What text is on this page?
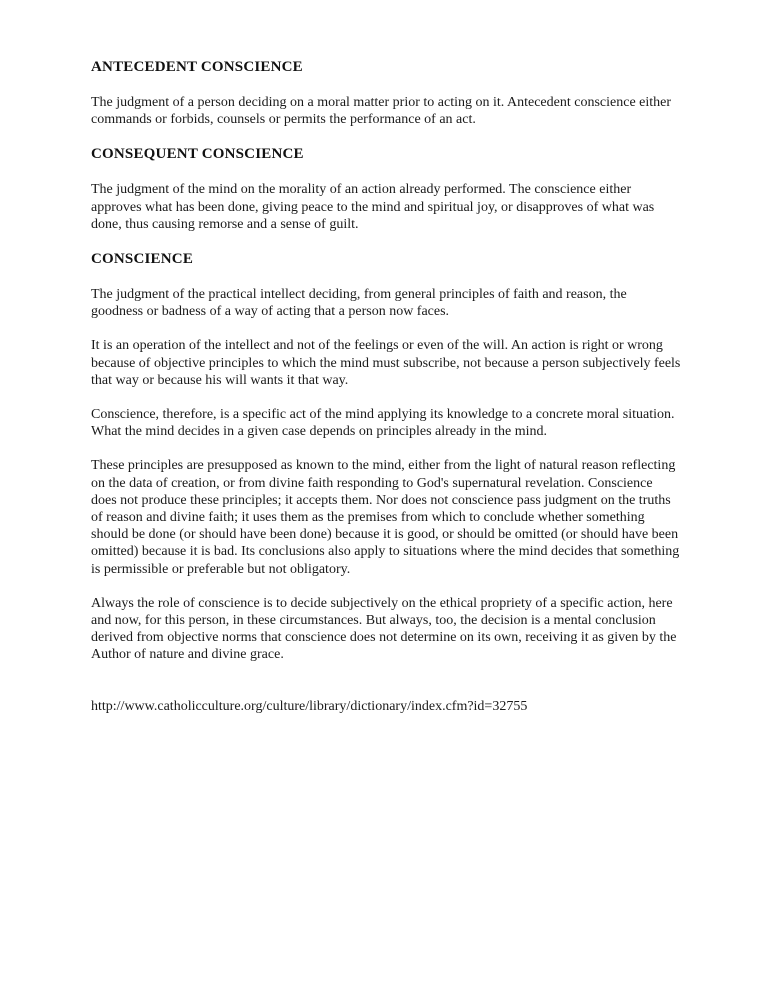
ANTECEDENT CONSCIENCE

The judgment of a person deciding on a moral matter prior to acting on it. Antecedent conscience either commands or forbids, counsels or permits the performance of an act.

CONSEQUENT CONSCIENCE

The judgment of the mind on the morality of an action already performed. The conscience either approves what has been done, giving peace to the mind and spiritual joy, or disapproves of what was done, thus causing remorse and a sense of guilt.

CONSCIENCE

The judgment of the practical intellect deciding, from general principles of faith and reason, the goodness or badness of a way of acting that a person now faces.

It is an operation of the intellect and not of the feelings or even of the will. An action is right or wrong because of objective principles to which the mind must subscribe, not because a person subjectively feels that way or because his will wants it that way.

Conscience, therefore, is a specific act of the mind applying its knowledge to a concrete moral situation. What the mind decides in a given case depends on principles already in the mind.

These principles are presupposed as known to the mind, either from the light of natural reason reflecting on the data of creation, or from divine faith responding to God's supernatural revelation. Conscience does not produce these principles; it accepts them. Nor does not conscience pass judgment on the truths of reason and divine faith; it uses them as the premises from which to conclude whether something should be done (or should have been done) because it is good, or should be omitted (or should have been omitted) because it is bad. Its conclusions also apply to situations where the mind decides that something is permissible or preferable but not obligatory.

Always the role of conscience is to decide subjectively on the ethical propriety of a specific action, here and now, for this person, in these circumstances. But always, too, the decision is a mental conclusion derived from objective norms that conscience does not determine on its own, receiving it as given by the Author of nature and divine grace.

http://www.catholicculture.org/culture/library/dictionary/index.cfm?id=32755
